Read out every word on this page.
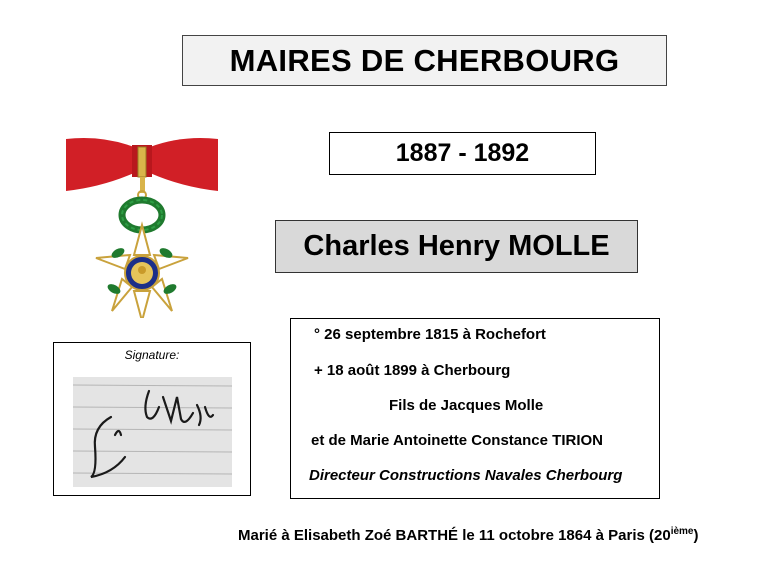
MAIRES DE CHERBOURG
1887 - 1892
Charles Henry MOLLE
Signature:
° 26 septembre 1815 à Rochefort
+ 18 août 1899 à Cherbourg
Fils de Jacques Molle
et de Marie Antoinette Constance TIRION
Directeur Constructions Navales Cherbourg
Marié à Elisabeth Zoé BARTHÉ le 11 octobre 1864 à Paris (20ième)
